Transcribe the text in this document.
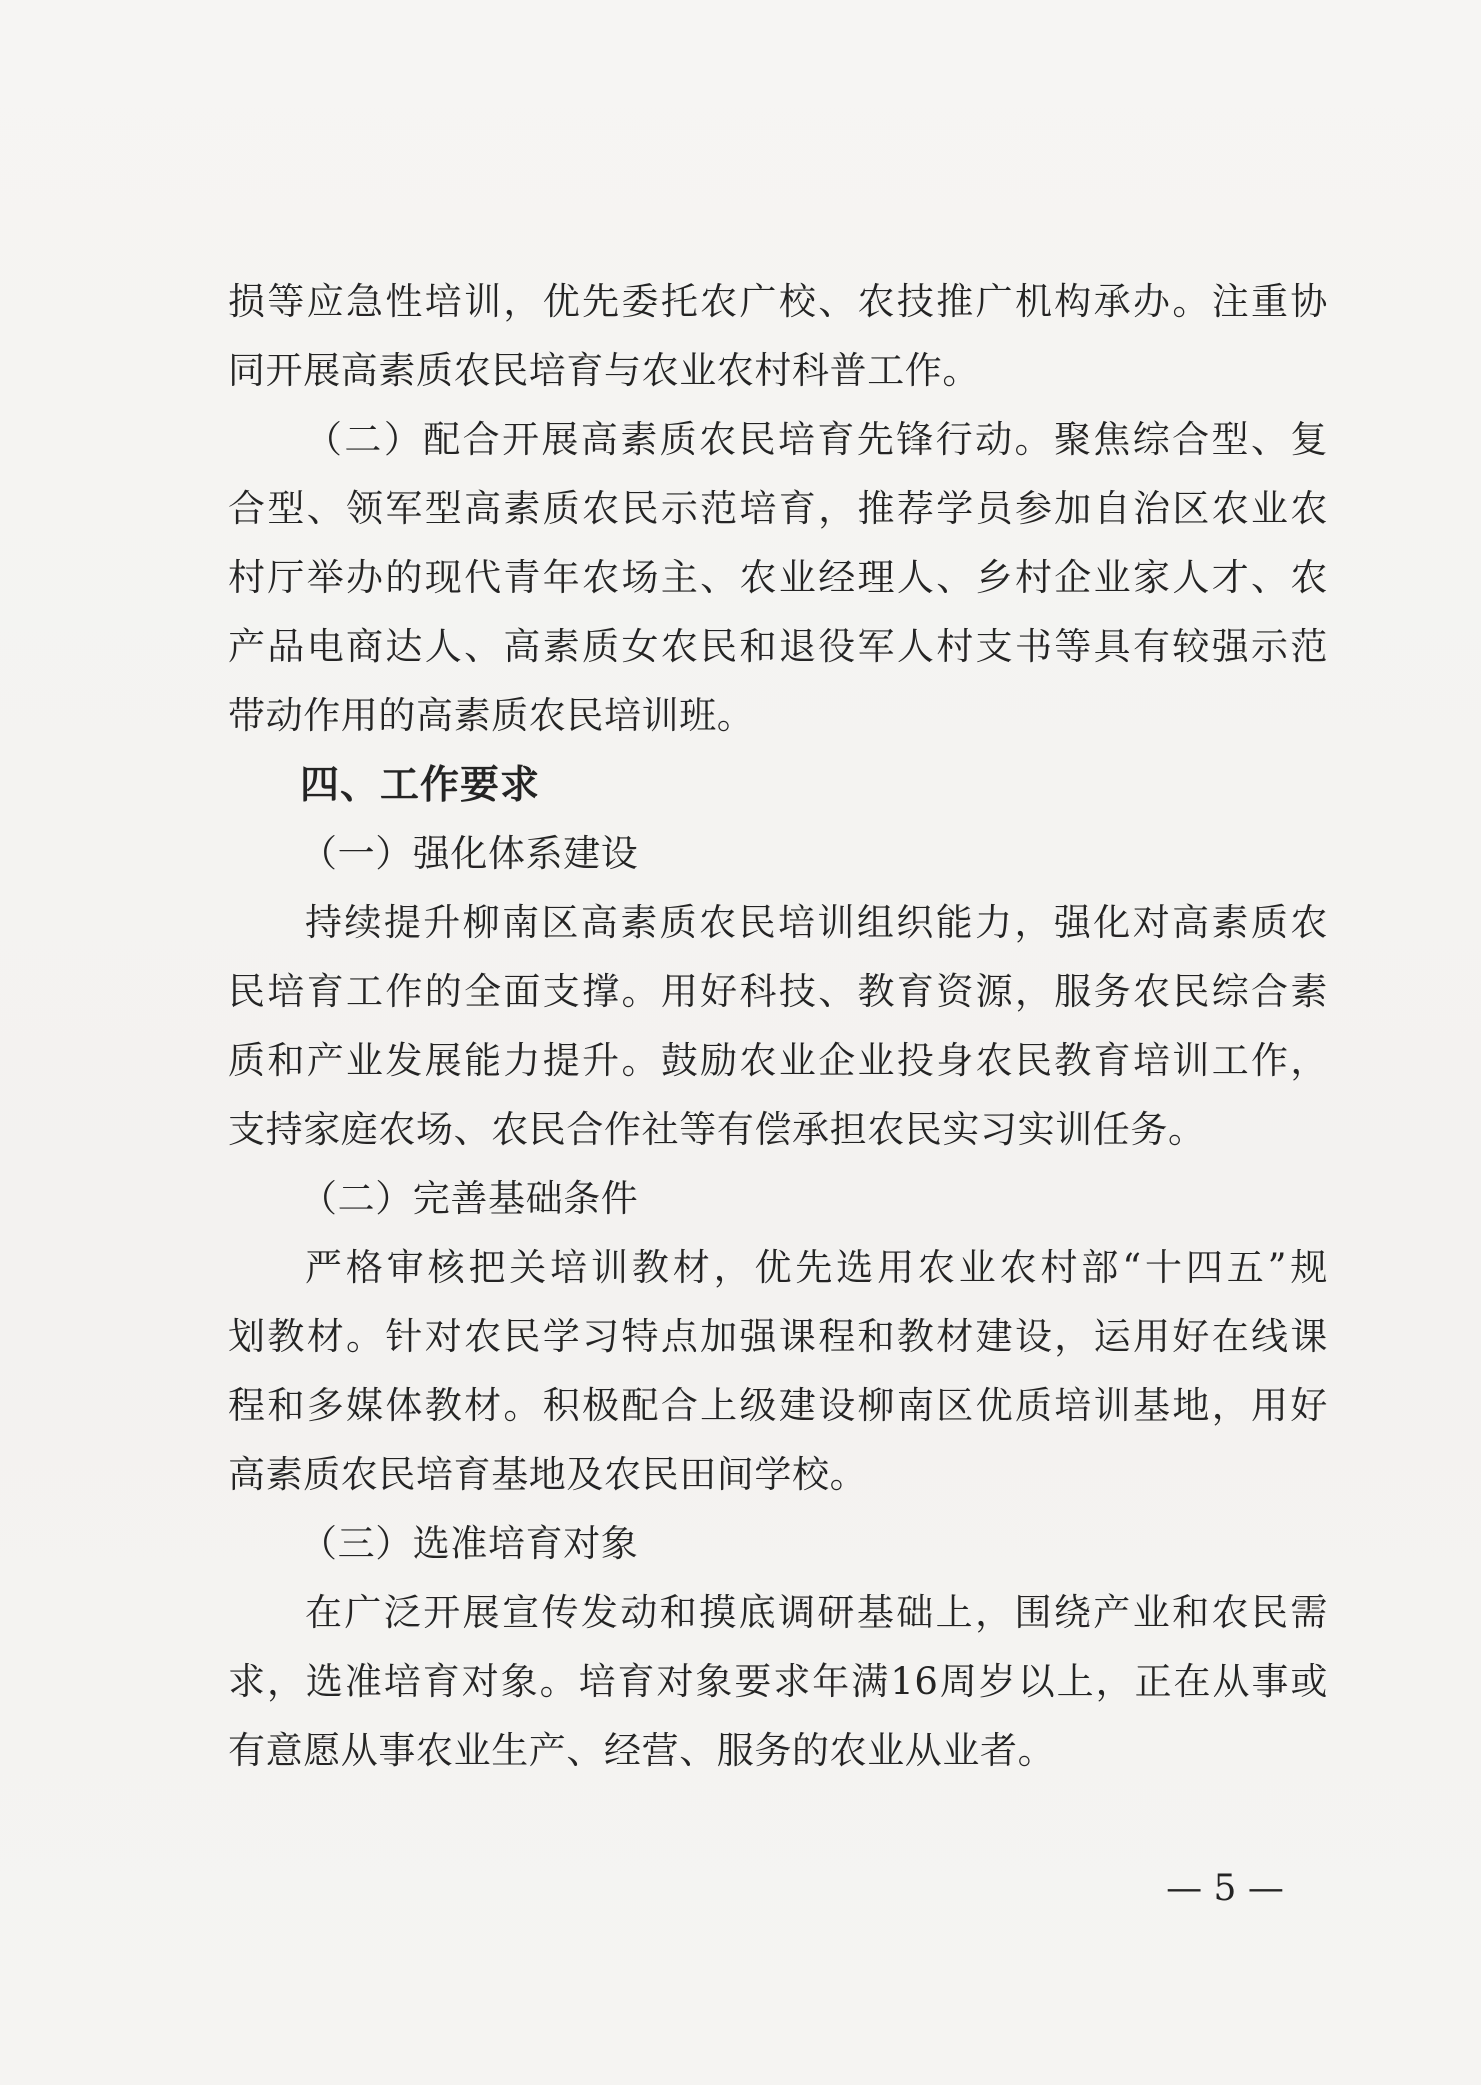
损等应急性培训，优先委托农广校、农技推广机构承办。注重协
同开展高素质农民培育与农业农村科普工作。
（二）配合开展高素质农民培育先锋行动。聚焦综合型、复
合型、领军型高素质农民示范培育，推荐学员参加自治区农业农
村厅举办的现代青年农场主、农业经理人、乡村企业家人才、农
产品电商达人、高素质女农民和退役军人村支书等具有较强示范
带动作用的高素质农民培训班。
四、工作要求
（一）强化体系建设
持续提升柳南区高素质农民培训组织能力，强化对高素质农
民培育工作的全面支撑。用好科技、教育资源，服务农民综合素
质和产业发展能力提升。鼓励农业企业投身农民教育培训工作，
支持家庭农场、农民合作社等有偿承担农民实习实训任务。
（二）完善基础条件
严格审核把关培训教材，优先选用农业农村部“十四五”规
划教材。针对农民学习特点加强课程和教材建设，运用好在线课
程和多媒体教材。积极配合上级建设柳南区优质培训基地，用好
高素质农民培育基地及农民田间学校。
（三）选准培育对象
在广泛开展宣传发动和摸底调研基础上，围绕产业和农民需
求，选准培育对象。培育对象要求年满16周岁以上，正在从事或
有意愿从事农业生产、经营、服务的农业从业者。
— 5 —
